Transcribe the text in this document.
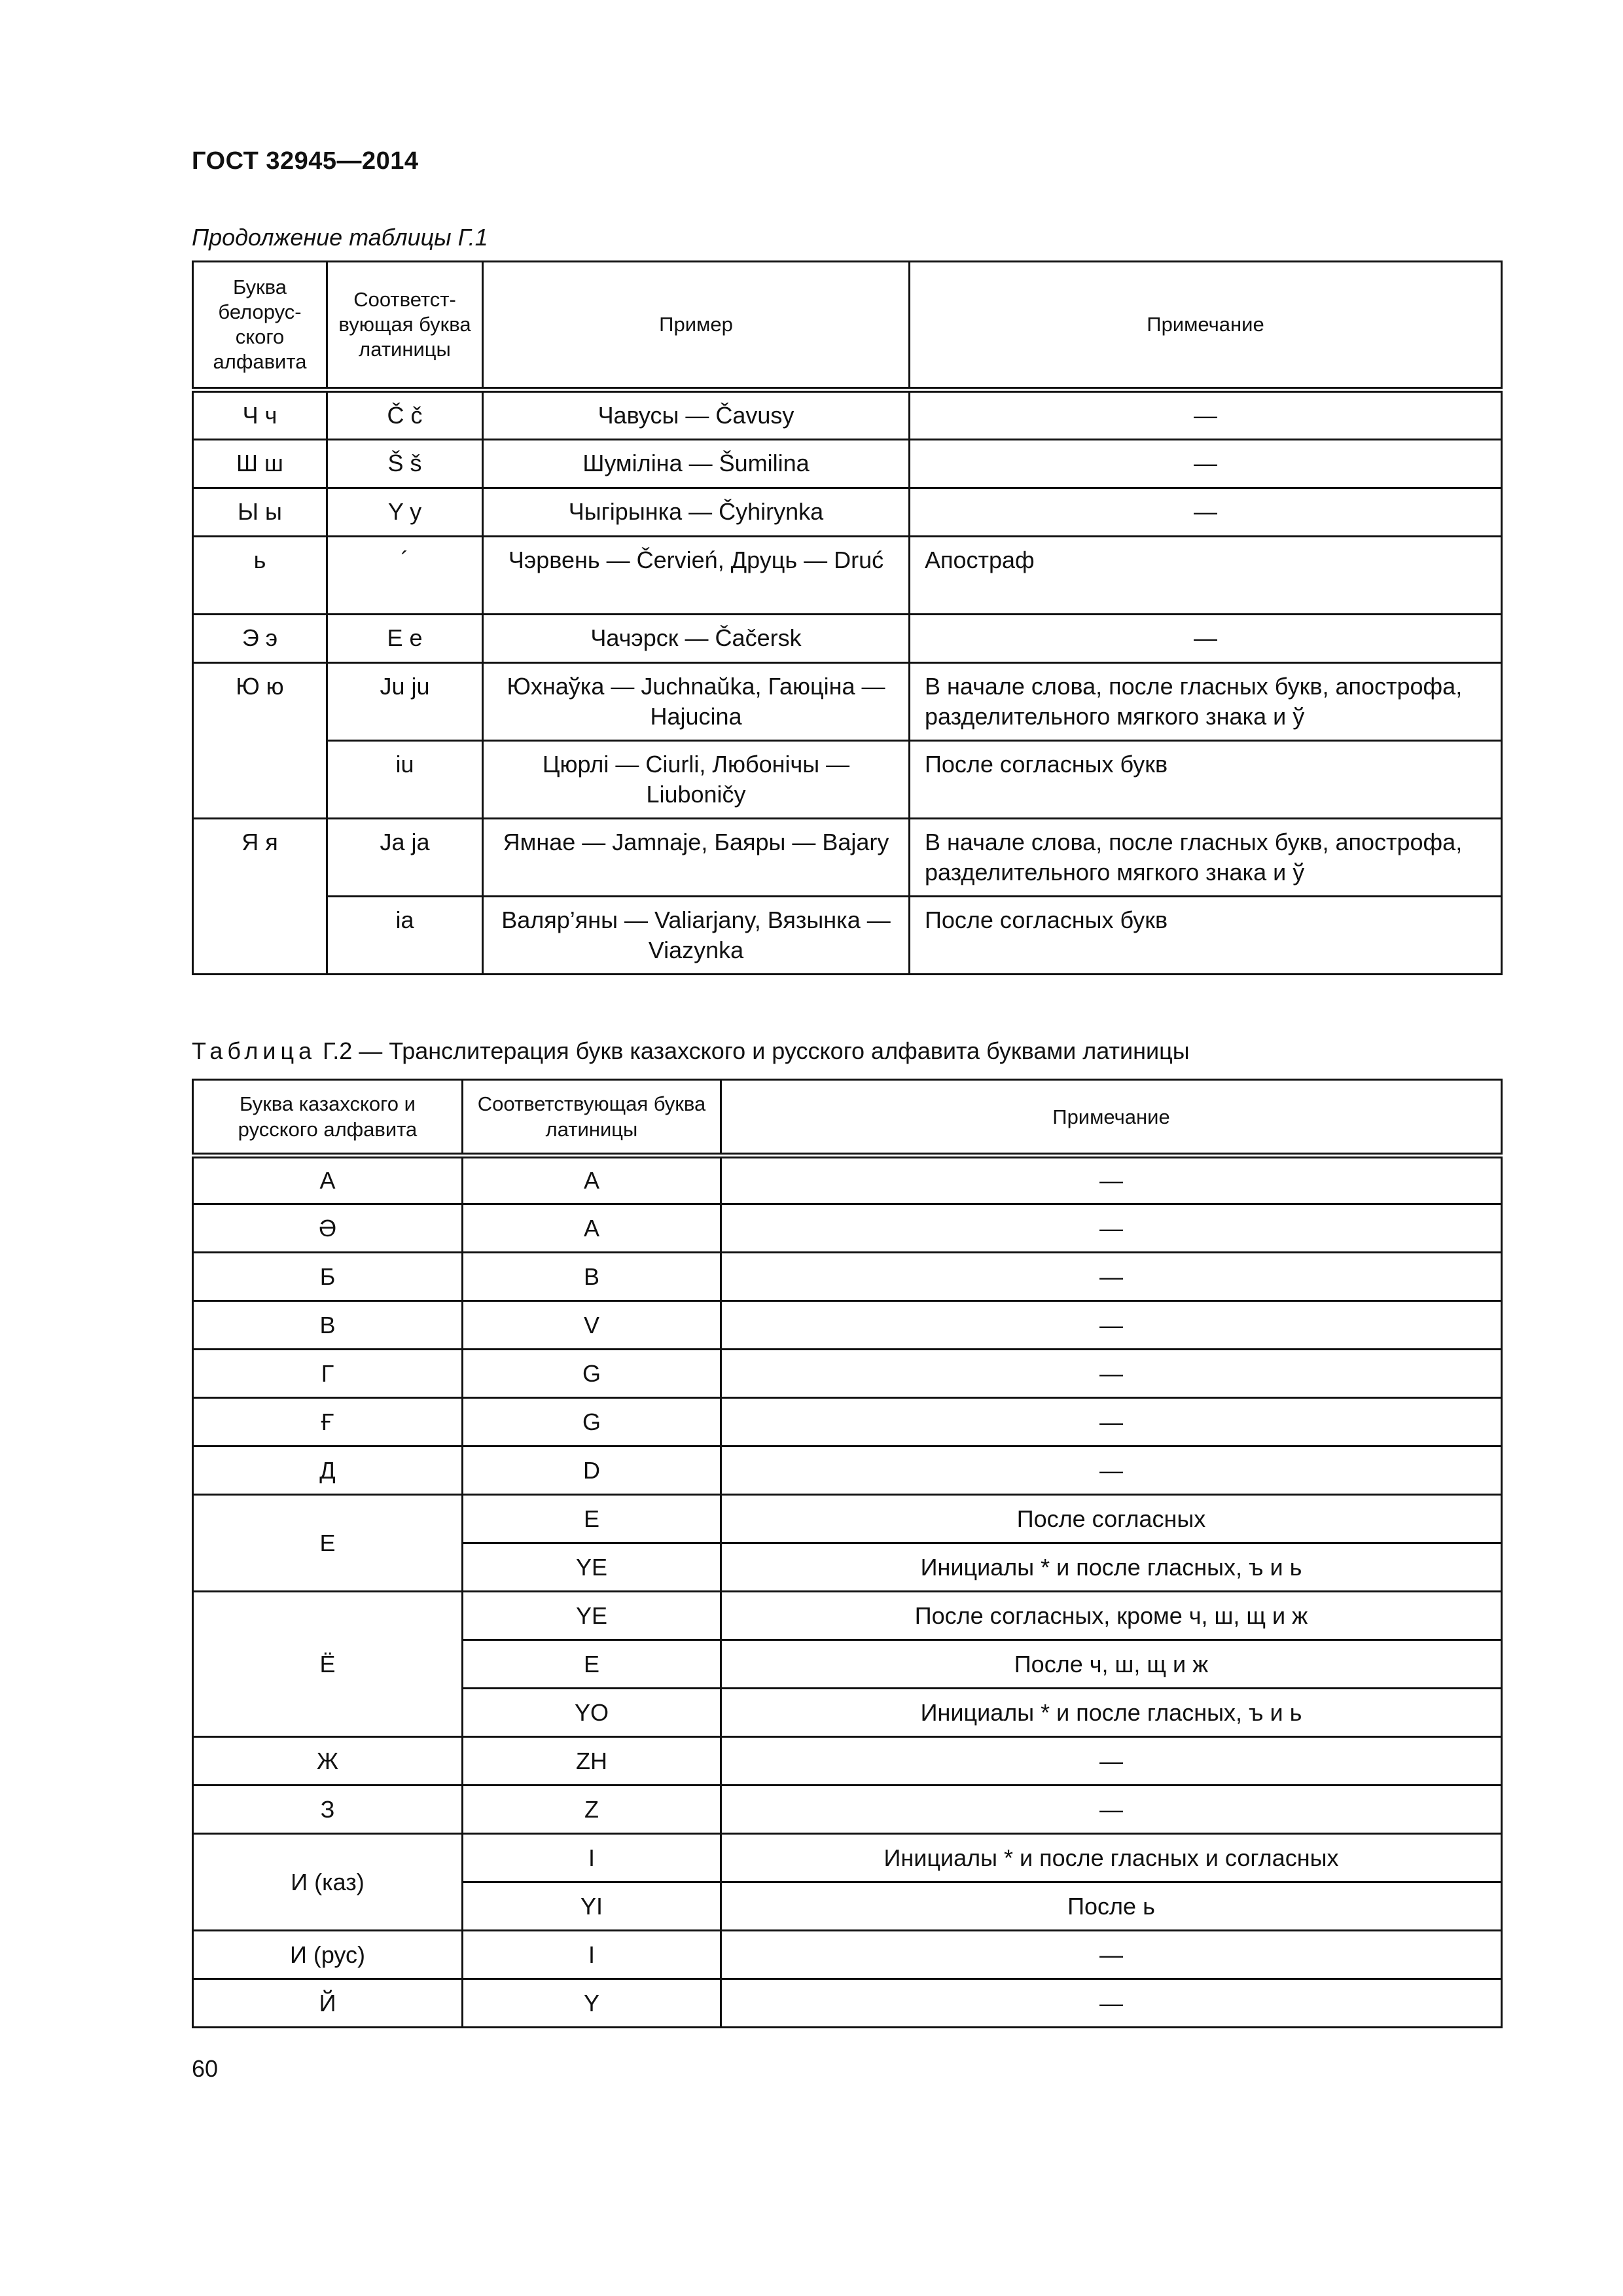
ГОСТ 32945—2014
Продолжение таблицы Г.1
Буква белорус-ского алфавита	Соответст-вующая буква латиницы	Пример	Примечание
Ч ч	Č č	Чавусы — Čavusy	—
Ш ш	Š š	Шуміліна — Šumilina	—
Ы ы	Y y	Чыгірынка — Čyhirynka	—
ь	´	Чэрвень — Červień, Друць — Druć	Апостраф
Э э	E e	Чачэрск — Čačersk	—
Ю ю	Ju ju	Юхнаўка — Juchnaŭka, Гаюціна — Hajucina	В начале слова, после гласных букв, апострофа, разделительного мягкого знака и ў
	iu	Цюрлі — Ciurli, Любонічы — Liuboničy	После согласных букв
Я я	Ja ja	Ямнае — Jamnaje, Баяры — Bajary	В начале слова, после гласных букв, апострофа, разделительного мягкого знака и ў
	ia	Валяр’яны — Valiarjany, Вязынка — Viazynka	После согласных букв
Таблица Г.2 — Транслитерация букв казахского и русского алфавита буквами латиницы
Буква казахского и русского алфавита	Соответствующая буква латиницы	Примечание
А	A	—
Ә	A	—
Б	B	—
В	V	—
Г	G	—
Ғ	G	—
Д	D	—
Е	E	После согласных
	YE	Инициалы * и после гласных, ъ и ь
Ё	YE	После согласных, кроме ч, ш, щ и ж
	E	После ч, ш, щ и ж
	YO	Инициалы * и после гласных, ъ и ь
Ж	ZH	—
З	Z	—
И (каз)	I	Инициалы * и после гласных и согласных
	YI	После ь
И (рус)	I	—
Й	Y	—
60
